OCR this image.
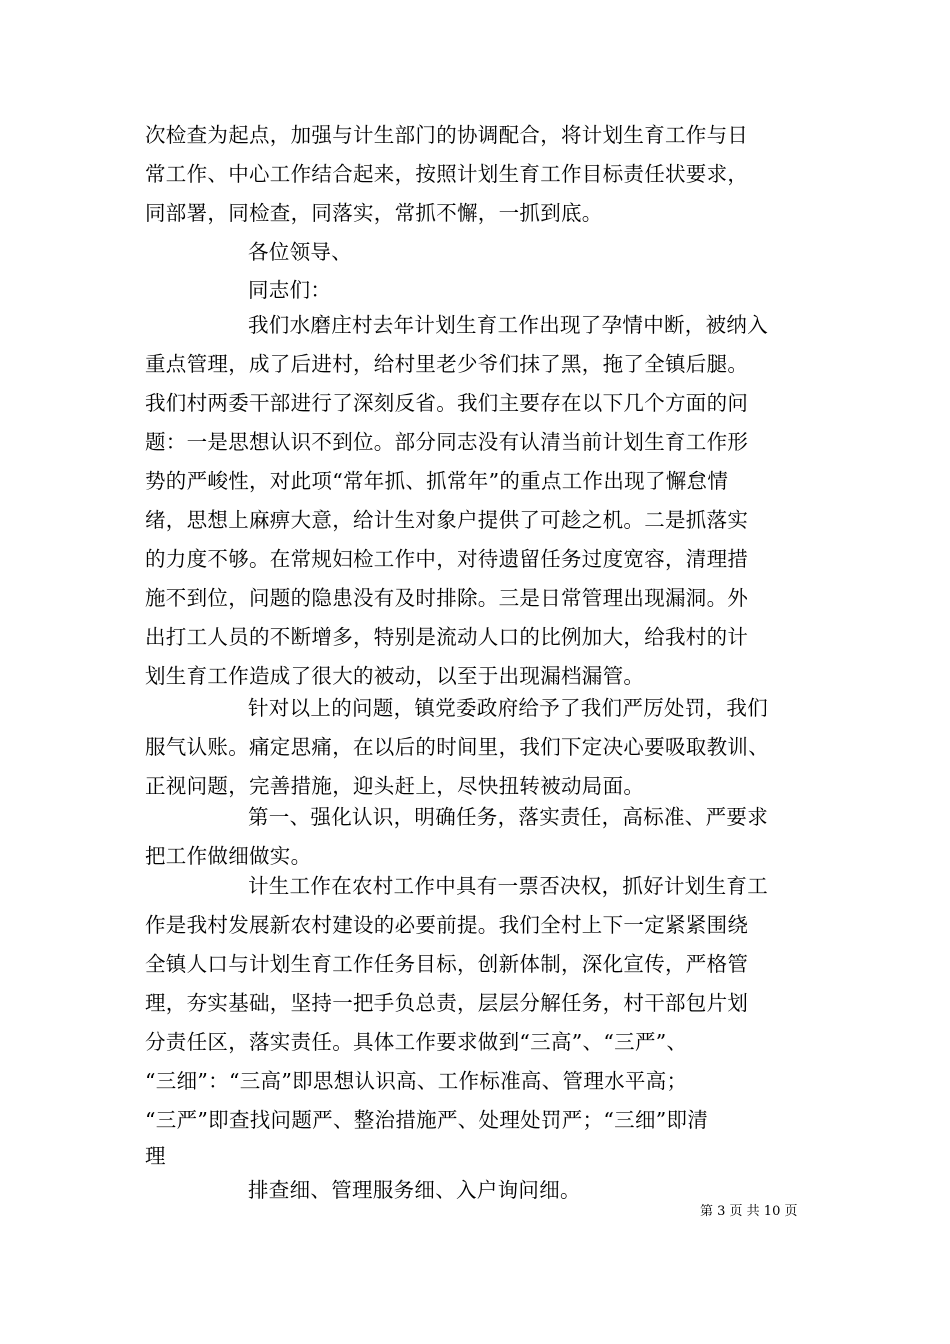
次检查为起点，加强与计生部门的协调配合，将计划生育工作与日
常工作、中心工作结合起来，按照计划生育工作目标责任状要求，
同部署，同检查，同落实，常抓不懈，一抓到底。
各位领导、
同志们：
我们水磨庄村去年计划生育工作出现了孕情中断，被纳入
重点管理，成了后进村，给村里老少爷们抹了黑，拖了全镇后腿。
我们村两委干部进行了深刻反省。我们主要存在以下几个方面的问
题：一是思想认识不到位。部分同志没有认清当前计划生育工作形
势的严峻性，对此项“常年抓、抓常年”的重点工作出现了懈怠情
绪，思想上麻痹大意，给计生对象户提供了可趁之机。二是抓落实
的力度不够。在常规妇检工作中，对待遗留任务过度宽容，清理措
施不到位，问题的隐患没有及时排除。三是日常管理出现漏洞。外
出打工人员的不断增多，特别是流动人口的比例加大，给我村的计
划生育工作造成了很大的被动，以至于出现漏档漏管。
针对以上的问题，镇党委政府给予了我们严厉处罚，我们
服气认账。痛定思痛，在以后的时间里，我们下定决心要吸取教训、
正视问题，完善措施，迎头赶上，尽快扭转被动局面。
第一、强化认识，明确任务，落实责任，高标准、严要求
把工作做细做实。
计生工作在农村工作中具有一票否决权，抓好计划生育工
作是我村发展新农村建设的必要前提。我们全村上下一定紧紧围绕
全镇人口与计划生育工作任务目标，创新体制，深化宣传，严格管
理，夯实基础，坚持一把手负总责，层层分解任务，村干部包片划
分责任区，落实责任。具体工作要求做到“三高”、“三严”、
“三细”：“三高”即思想认识高、工作标准高、管理水平高；
“三严”即查找问题严、整治措施严、处理处罚严；“三细”即清
理
排查细、管理服务细、入户询问细。
第 3 页 共 10 页
